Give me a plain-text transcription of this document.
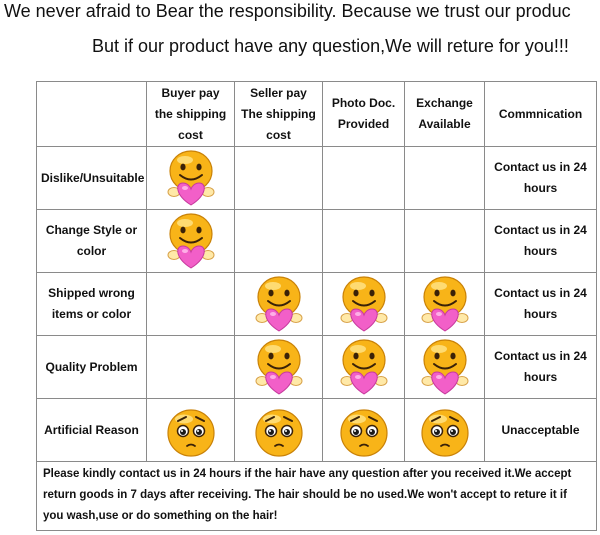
We never afraid to Bear the responsibility. Because we trust our produc
But if our product have any question,We will reture for you!!!
	Buyer pay the shipping cost	Seller pay The shipping cost	Photo Doc. Provided	Exchange Available	Commnication
Dislike/Unsuitable					Contact us in 24 hours
Change Style or color					Contact us in 24 hours
Shipped wrong items or color					Contact us in 24 hours
Quality Problem					Contact us in 24 hours
Artificial Reason					Unacceptable
Please kindly contact us in 24 hours if the hair have any question after you received it.We accept return goods in 7 days after receiving. The hair should be no used.We won't accept to reture it if you wash,use or do something on the hair!					
